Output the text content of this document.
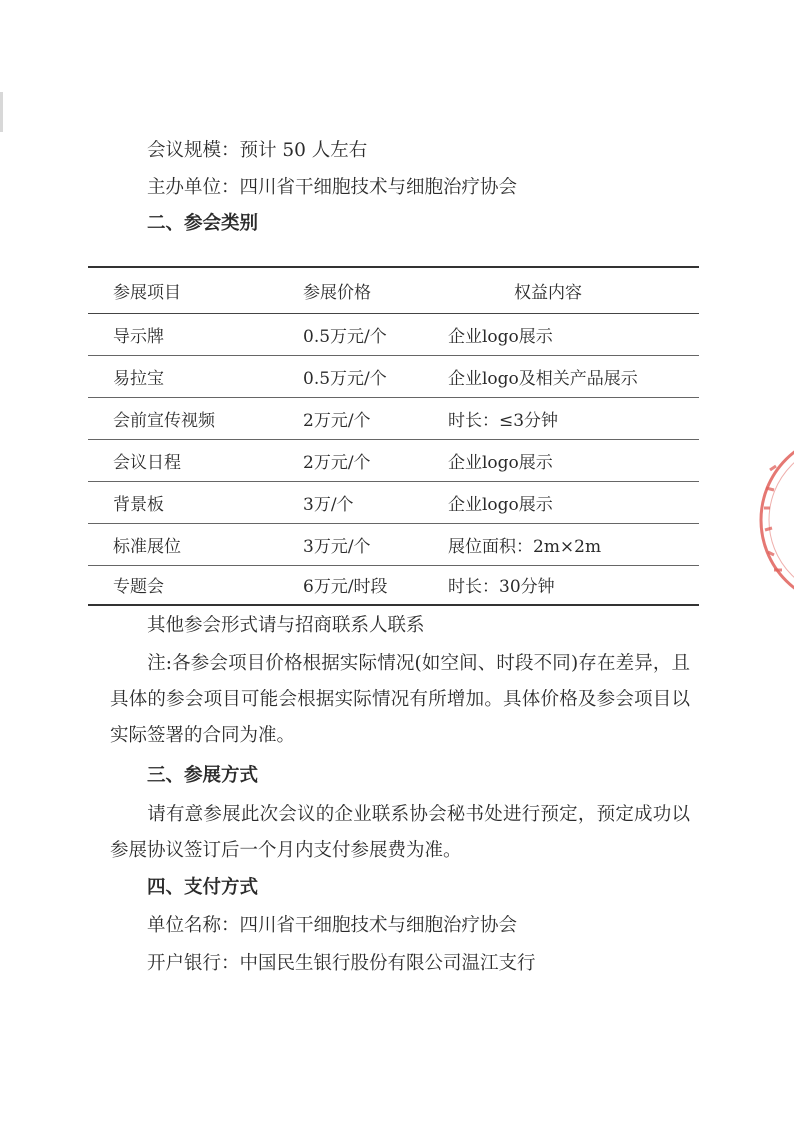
会议规模：预计 50 人左右
主办单位：四川省干细胞技术与细胞治疗协会
二、参会类别
参展项目	参展价格	权益内容
导示牌	0.5万元/个	企业logo展示
易拉宝	0.5万元/个	企业logo及相关产品展示
会前宣传视频	2万元/个	时长：≤3分钟
会议日程	2万元/个	企业logo展示
背景板	3万/个	企业logo展示
标准展位	3万元/个	展位面积：2m×2m
专题会	6万元/时段	时长：30分钟
其他参会形式请与招商联系人联系
注:各参会项目价格根据实际情况(如空间、时段不同)存在差异，且具体的参会项目可能会根据实际情况有所增加。具体价格及参会项目以实际签署的合同为准。
三、参展方式
请有意参展此次会议的企业联系协会秘书处进行预定，预定成功以参展协议签订后一个月内支付参展费为准。
四、支付方式
单位名称：四川省干细胞技术与细胞治疗协会
开户银行：中国民生银行股份有限公司温江支行
